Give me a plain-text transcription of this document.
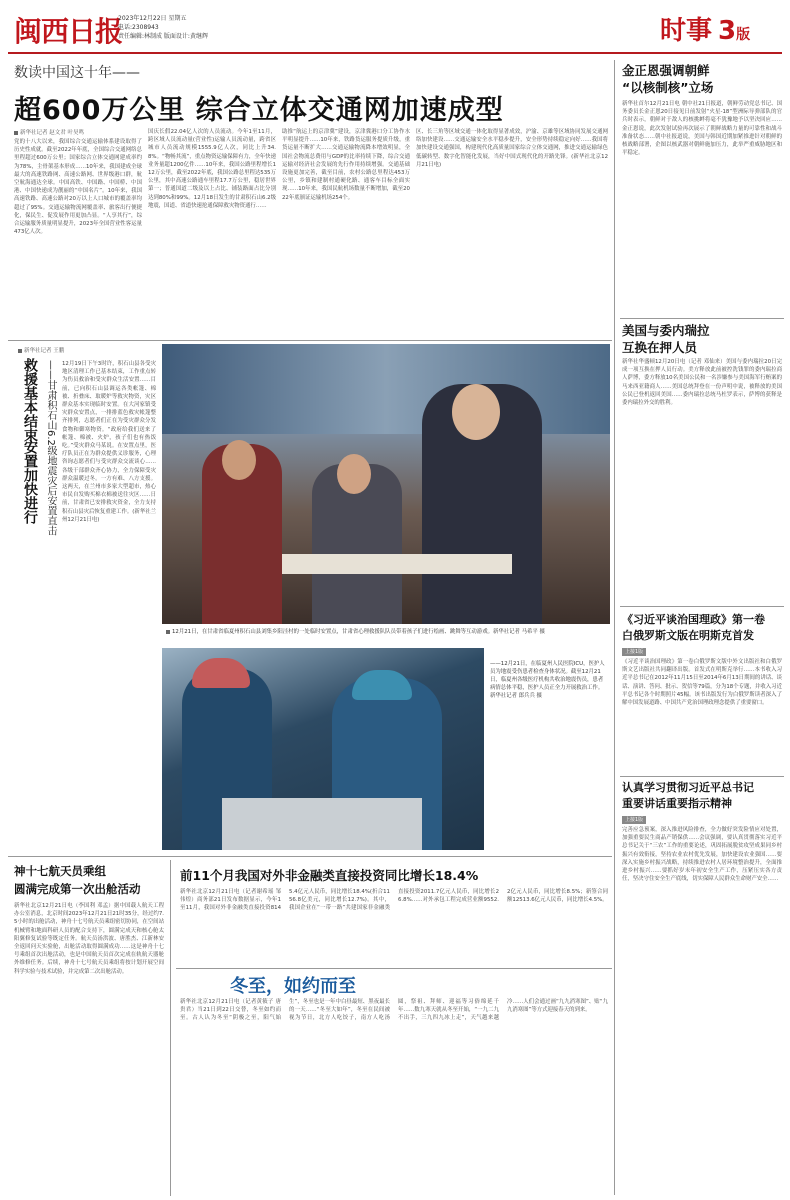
闽西日报
2023年12月22日 星期五
电话:2308943
责任编辑:林制成 版面设计:黄继辉	时事 3版
数读中国这十年——
超600万公里 综合立体交通网加速成型
新华社记者 赵文君 叶昊鸣
党的十八大以来，我国综合交通运输体系建设取得了历史性成就。截至2022年年底，全国综合交通网络总里程超过600万公里；国家综合立体交通网建成率约为78%，主骨架基本形成……10年来，我国建成全球最大的高速铁路网、高速公路网、世界级港口群，航空航海通达全球。中国高铁、中国路、中国桥、中国港、中国快递成为靓丽的“中国名片”。10年来，我国高速铁路、高速公路对20万以上人口城市的覆盖率均超过了95%。交通运输物流网覆盖率、旅客出行便捷化，保民生、促发展作用更加凸显。“人享其行”，综合运输服务质量明显提升，2023年全国营业性客运量473亿人次。
国庆长假22.04亿人次的人员流动。今年1至11月，跨区域人员流动量(营业性)运输人员流动量，跨省区城市人员流动规模1555.9亿人次，同比上升34.8%。“物畅其流”，重点物资运输保障有力，全年快递业务量超1200亿件……10年来，我国公路里程增长112万公里，截至2022年底，我国公路总里程达535万公里，其中高速公路通车里程17.7万公里，稳居世界第一；普通国道二级及以上占比、铺装路面占比分别达到80%和99%。12月18日发生的甘肃积石山6.2级地震，国道、省道快速抢通保障救灾物资通行……
助推“航运上的京津冀”建设，京津冀港口分工协作水平明显提升……10年来，铁路货运服务提质升级，重货运量不断扩大……交通运输物流降本增效明显，全国社会物流总费用与GDP的比率持续下降，综合交通运输对经济社会发展的先行作用持续增强。交通基础设施更加完善，截至目前，农村公路总里程达453万公里，乡镇和建制村通硬化路、通客车目标全面实现……10年来，我国民航机场数量不断增加，截至2022年底颁证运输机场254个。
区、长三角等区域交通一体化取得显著成效，沪渝、京雄等区域协同发展交通网络加快建设……交通运输安全水平稳步提升，安全形势持续稳定向好……我国将加快建设交通强国，构建现代化高质量国家综合立体交通网，推进交通运输绿色低碳转型、数字化智能化发展，当好中国式现代化的开路先锋。(新华社北京12月21日电)
金正恩强调朝鲜
“以核制核”立场
新华社首尔12月21日电 朝中社21日报道，朝鲜劳动党总书记、国务委员长金正恩20日接见日前发射“火星-18”型洲际导弹部队的官兵时表示，朝鲜对于敌人的核挑衅将毫不犹豫地予以坚决回应……金正恩说，此次发射试验再次展示了朝鲜战略力量的可靠性和战斗准备状态……朝中社报道说，美国与韩国近期加紧推进针对朝鲜的核战略部署，企图以核武器对朝鲜施加压力，此举严重威胁地区和平稳定。
美国与委内瑞拉
互换在押人员
新华社华盛顿12月20日电（记者 邓仙来）美国与委内瑞拉20日完成一项互换在押人员行动。美方释放此前被控洗钱罪的委内瑞拉商人萨博，委方释放10名美国公民和一名涉嫌参与美国海军行贿案的马来西亚籍商人……美国总统拜登在一份声明中说，被释放的美国公民已登机返回美国……委内瑞拉总统马杜罗表示，萨博的获释是委内瑞拉外交的胜利。
《习近平谈治国理政》第一卷
白俄罗斯文版在明斯克首发
上接1版
《习近平谈治国理政》第一卷白俄罗斯文版中外文出版社和白俄罗斯文艺出版社共同翻译出版。首发式在明斯克举行……本书收入习近平总书记在2012年11月15日至2014年6月13日期间的讲话、谈话、演讲、答问、批示、贺信等79篇，分为18个专题，并收入习近平总书记各个时期照片45幅。该书出版发行为白俄罗斯读者深入了解中国发展道路、中国共产党治国理政理念提供了重要窗口。
认真学习贯彻习近平总书记
重要讲话重要指示精神
上接1版
完善应急预案，深入推进风险排查，全力做好突发险情应对处置，加强重要民生商品产销保供……会议强调，要认真贯彻落实习近平总书记关于“三农”工作的重要论述，巩固拓展脱贫攻坚成果同乡村振兴有效衔接，坚持农业农村优先发展，加快建设农业强国……要深入实施乡村振兴战略，持续推进农村人居环境整治提升，全面推进乡村振兴……要抓好岁末年初安全生产工作，压紧压实各方责任，坚决守住安全生产底线，切实保障人民群众生命财产安全……
新华社记者 王鹏
救援基本结束
安置加快进行 ——甘肃积石山6.2级地震灾后安置直击 12月19日下午3时许，积石山县各受灾地区清理工作已基本结束，工作重点转为伤员救治和受灾群众生活安置……目前，已向积石山县调运各类帐篷、棉被、折叠床、取暖炉等救灾物资，灾区群众基本实现临时安置。在大河家镇受灾群众安置点，一排排蓝色救灾帐篷整齐排列，志愿者们正在为受灾群众分发食物和御寒物资。“政府给我们送来了帐篷、棉被、火炉，孩子们也有热饭吃。”受灾群众马某说。在安置点里，医疗队员正在为群众提供义诊服务，心理咨询志愿者们与受灾群众交流谈心……各级干部群众齐心协力，全力保障受灾群众温暖过冬。一方有难、八方支援。这两天，在兰州市多家大型超市，热心市民自发购买棉衣棉被送往灾区……日前，甘肃省已安排救灾资金，全力支持积石山县灾后恢复重建工作。(新华社兰州12月21日电)
12月21日，在甘肃省临夏州积石山县刘集乡阳洼村的一处临时安置点，甘肃省心理救援队队员带着孩子们进行绘画、跳舞等互动游戏。新华社记者 马希平 摄
——12月21日，在临夏州人民医院ICU，医护人员为地震受伤患者检查身体状况。截至12月21日，临夏州各级医疗机构共收治地震伤员，患者病情总体平稳，医护人员正全力开展救治工作。新华社记者 郎兵兵 摄
神十七航天员乘组
圆满完成第一次出舱活动
新华社北京12月21日电（李国利 邓孟）据中国载人航天工程办公室消息，北京时间2023年12月21日21时35分，经过约7.5小时的出舱活动，神舟十七号航天员乘组密切协同，在空间站机械臂和地面科研人员的配合支持下，圆满完成天和核心舱太阳翼修复试验等既定任务。航天员汤洪波、唐胜杰、江新林安全返回问天实验舱，出舱活动取得圆满成功……这是神舟十七号乘组首次出舱活动，也是中国航天员首次完成在轨航天器舱外维修任务。后续，神舟十七号航天员乘组将按计划开展空间科学实验与技术试验，并完成第二次出舱活动。
前11个月我国对外非金融类直接投资同比增长18.4%
新华社北京12月21日电（记者谢希瑶 邹伟煌）商务部21日发布数据显示，今年1至11月，我国对外非金融类直接投资8145.4亿元人民币，同比增长18.4%(折合1156.8亿美元，同比增长12.7%)。其中，我国企业在“一带一路”共建国家非金融类直接投资2011.7亿元人民币，同比增长26.8%……对外承包工程完成营业额9552.2亿元人民币，同比增长8.5%；新签合同额12513.6亿元人民币，同比增长4.5%。
冬至，如约而至
新华社北京12月21日电（记者黄筱子 唐贵君）当21日到22日交替，冬至如约而至。古人认为冬至“阴极之至，阳气始生”，冬至也是一年中白昼最短、黑夜最长的一天……“冬至大如年”，冬至在民间被视为节日，北方人吃饺子，南方人吃汤圆，祭祖、拜师、迎福等习俗绵延千年……数九寒天就从冬至开始，“一九二九不出手，三九四九冰上走”，天气越来越冷……人们会通过画“九九消寒图”、贴“九九消寒图”等方式迎接春天的到来。
